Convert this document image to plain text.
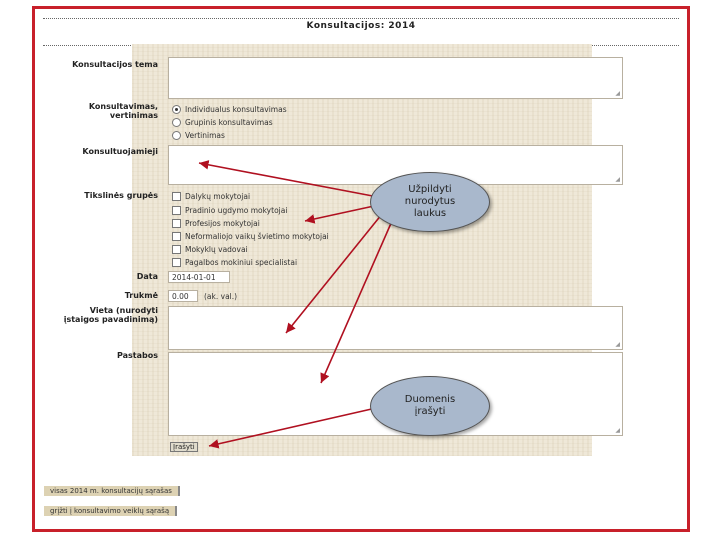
Konsultacijos: 2014
Konsultacijos tema
Konsultavimas,
vertinimas
Konsultuojamieji
Tikslinės grupės
Data
Trukmė
Vieta (nurodyti
įstaigos pavadinimą)
Pastabos
◢
◢
◢
◢
Individualus konsultavimas
Grupinis konsultavimas
Vertinimas
Dalykų mokytojai
Pradinio ugdymo mokytojai
Profesijos mokytojai
Neformaliojo vaikų švietimo mokytojai
Mokyklų vadovai
Pagalbos mokiniui specialistai
2014-01-01
0.00	(ak. val.)
Įrašyti
visas 2014 m. konsultacijų sąrašas
grįžti į konsultavimo veiklų sąrašą
Užpildyti
nurodytus
laukus
Duomenis
įrašyti
